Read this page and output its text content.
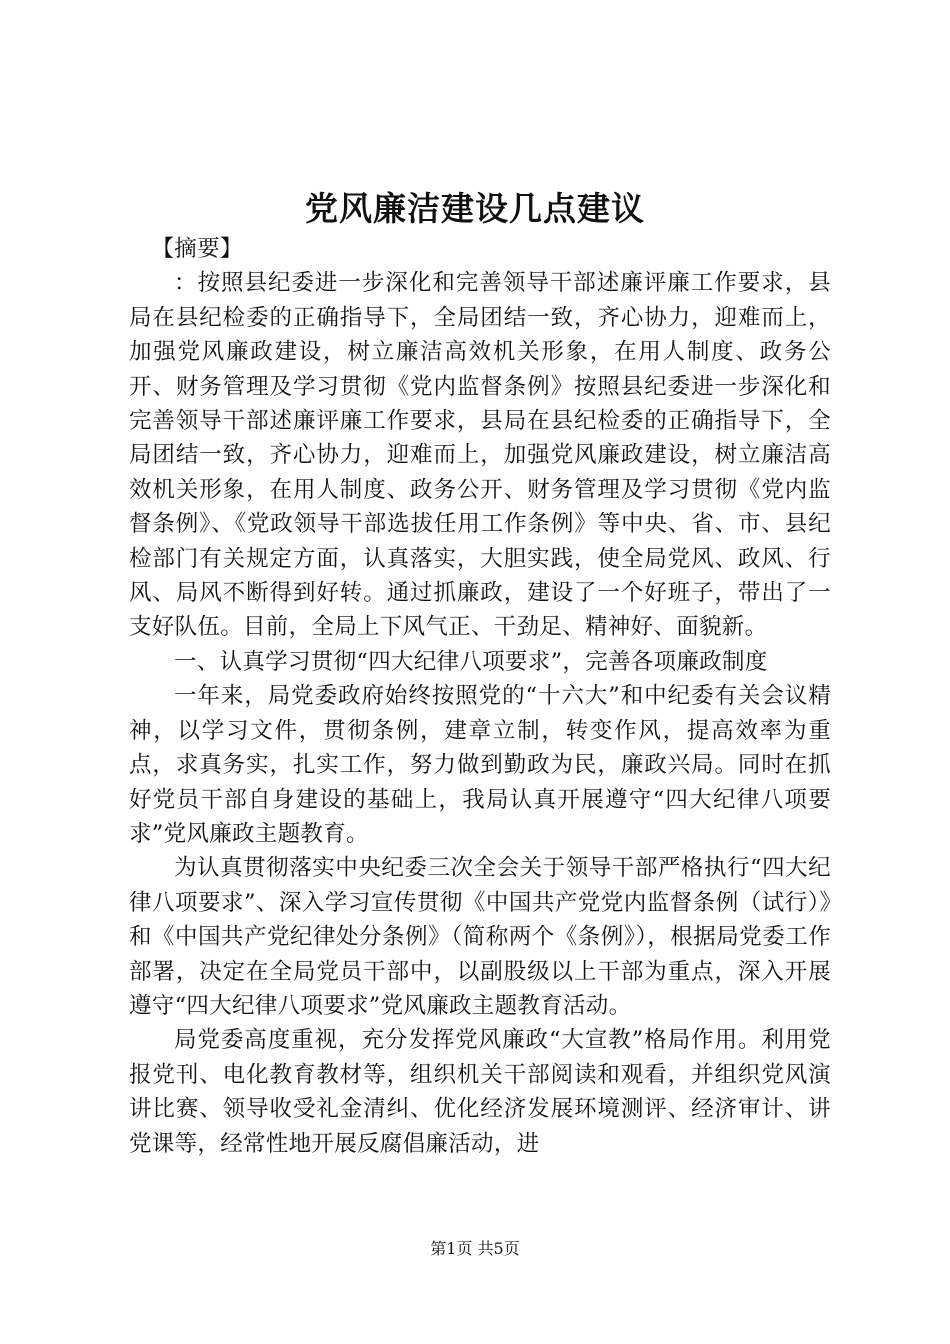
党风廉洁建设几点建议

【摘要】

：按照县纪委进一步深化和完善领导干部述廉评廉工作要求，县局在县纪检委的正确指导下，全局团结一致，齐心协力，迎难而上，加强党风廉政建设，树立廉洁高效机关形象，在用人制度、政务公开、财务管理及学习贯彻《党内监督条例》按照县纪委进一步深化和完善领导干部述廉评廉工作要求，县局在县纪检委的正确指导下，全局团结一致，齐心协力，迎难而上，加强党风廉政建设，树立廉洁高效机关形象，在用人制度、政务公开、财务管理及学习贯彻《党内监督条例》、《党政领导干部选拔任用工作条例》等中央、省、市、县纪检部门有关规定方面，认真落实，大胆实践，使全局党风、政风、行风、局风不断得到好转。通过抓廉政，建设了一个好班子，带出了一支好队伍。目前，全局上下风气正、干劲足、精神好、面貌新。

一、认真学习贯彻“四大纪律八项要求”，完善各项廉政制度

一年来，局党委政府始终按照党的“十六大”和中纪委有关会议精神，以学习文件，贯彻条例，建章立制，转变作风，提高效率为重点，求真务实，扎实工作，努力做到勤政为民，廉政兴局。同时在抓好党员干部自身建设的基础上，我局认真开展遵守“四大纪律八项要求”党风廉政主题教育。

为认真贯彻落实中央纪委三次全会关于领导干部严格执行“四大纪律八项要求”、深入学习宣传贯彻《中国共产党党内监督条例（试行）》和《中国共产党纪律处分条例》（简称两个《条例》），根据局党委工作部署，决定在全局党员干部中，以副股级以上干部为重点，深入开展遵守“四大纪律八项要求”党风廉政主题教育活动。

局党委高度重视，充分发挥党风廉政“大宣教”格局作用。利用党报党刊、电化教育教材等，组织机关干部阅读和观看，并组织党风演讲比赛、领导收受礼金清纠、优化经济发展环境测评、经济审计、讲党课等，经常性地开展反腐倡廉活动，进

第1页 共5页
